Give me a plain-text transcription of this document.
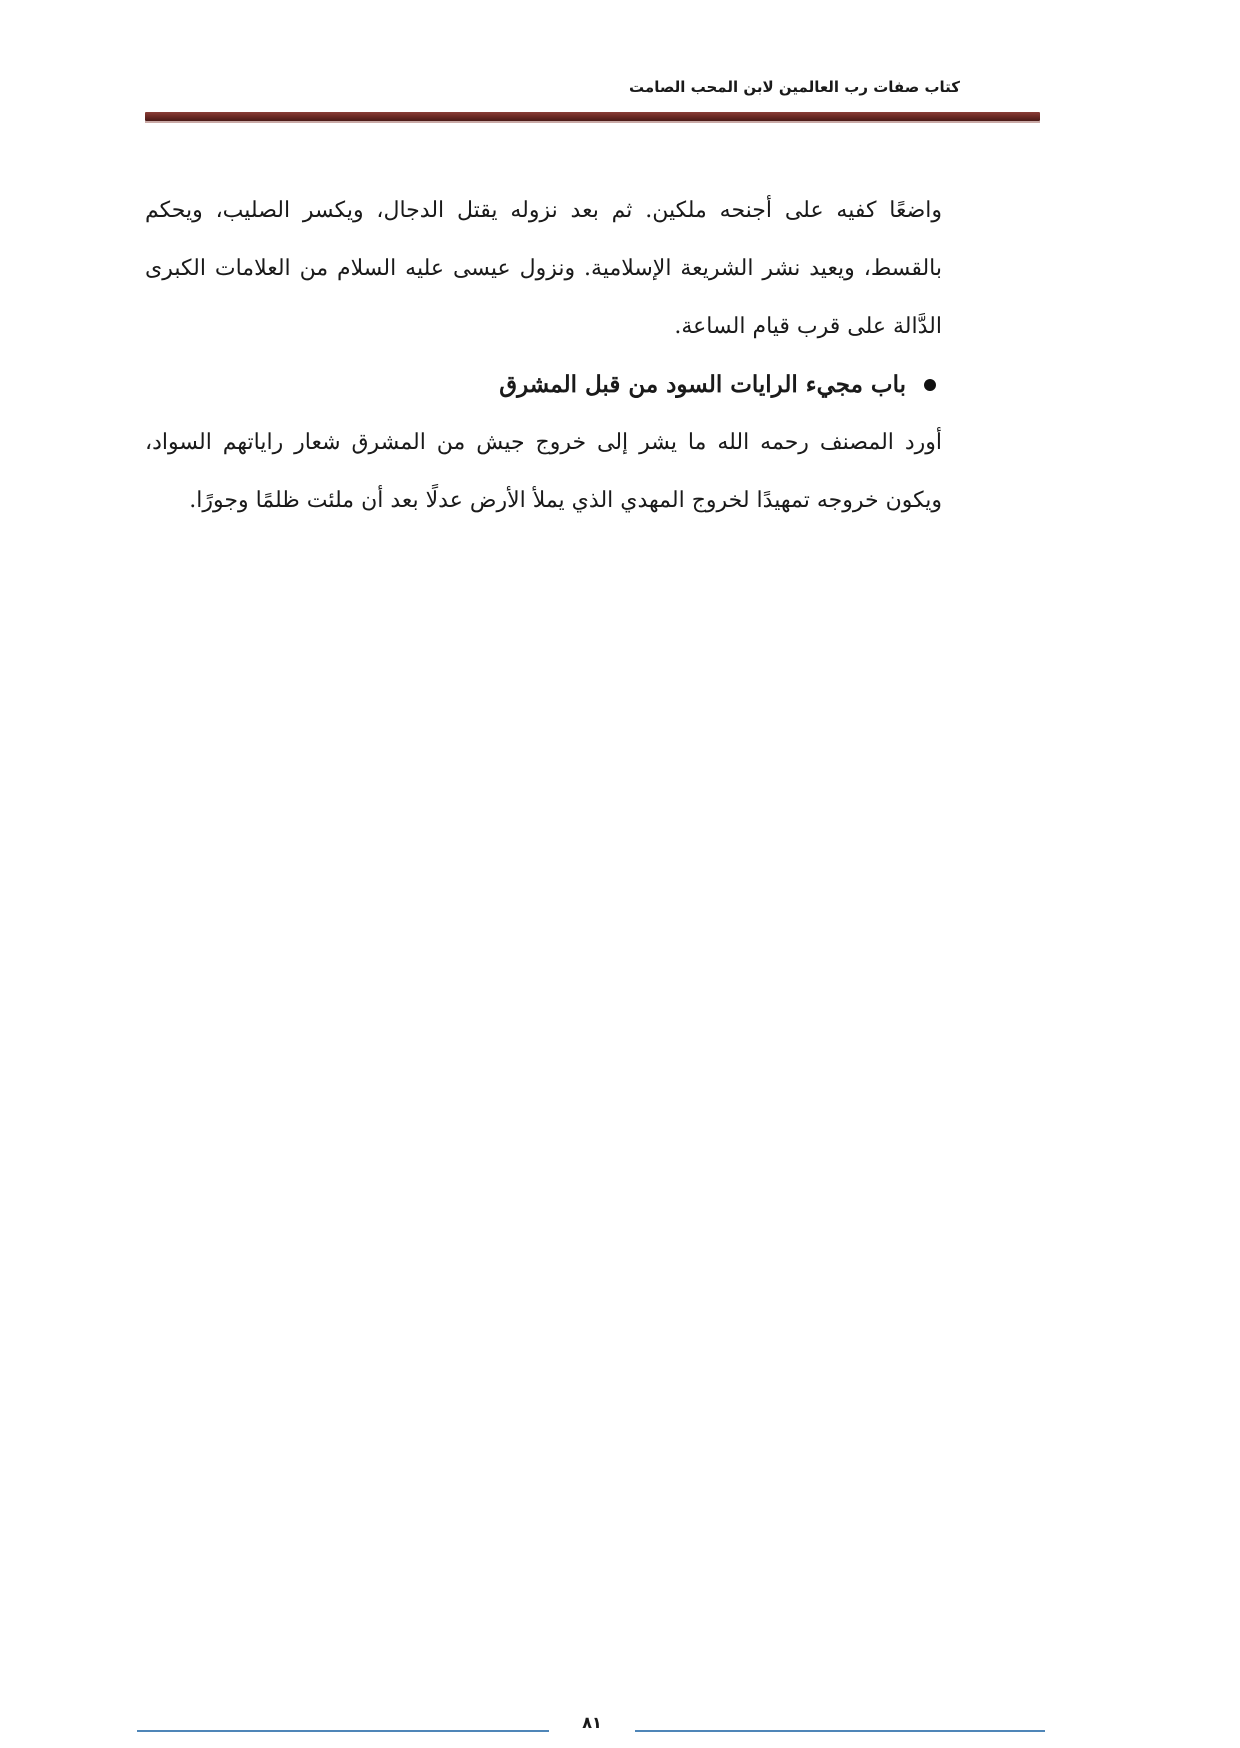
كتاب صفات رب العالمين لابن المحب الصامت

واضعًا كفيه على أجنحه ملكين. ثم بعد نزوله يقتل الدجال، ويكسر الصليب، ويحكم بالقسط، ويعيد نشر الشريعة الإسلامية. ونزول عيسى عليه السلام من العلامات الكبرى الدَّالة على قرب قيام الساعة.

باب مجيء الرايات السود من قبل المشرق

أورد المصنف رحمه الله ما يشر إلى خروج جيش من المشرق شعار راياتهم السواد، ويكون خروجه تمهيدًا لخروج المهدي الذي يملأ الأرض عدلًا بعد أن ملئت ظلمًا وجورًا.

٨١
